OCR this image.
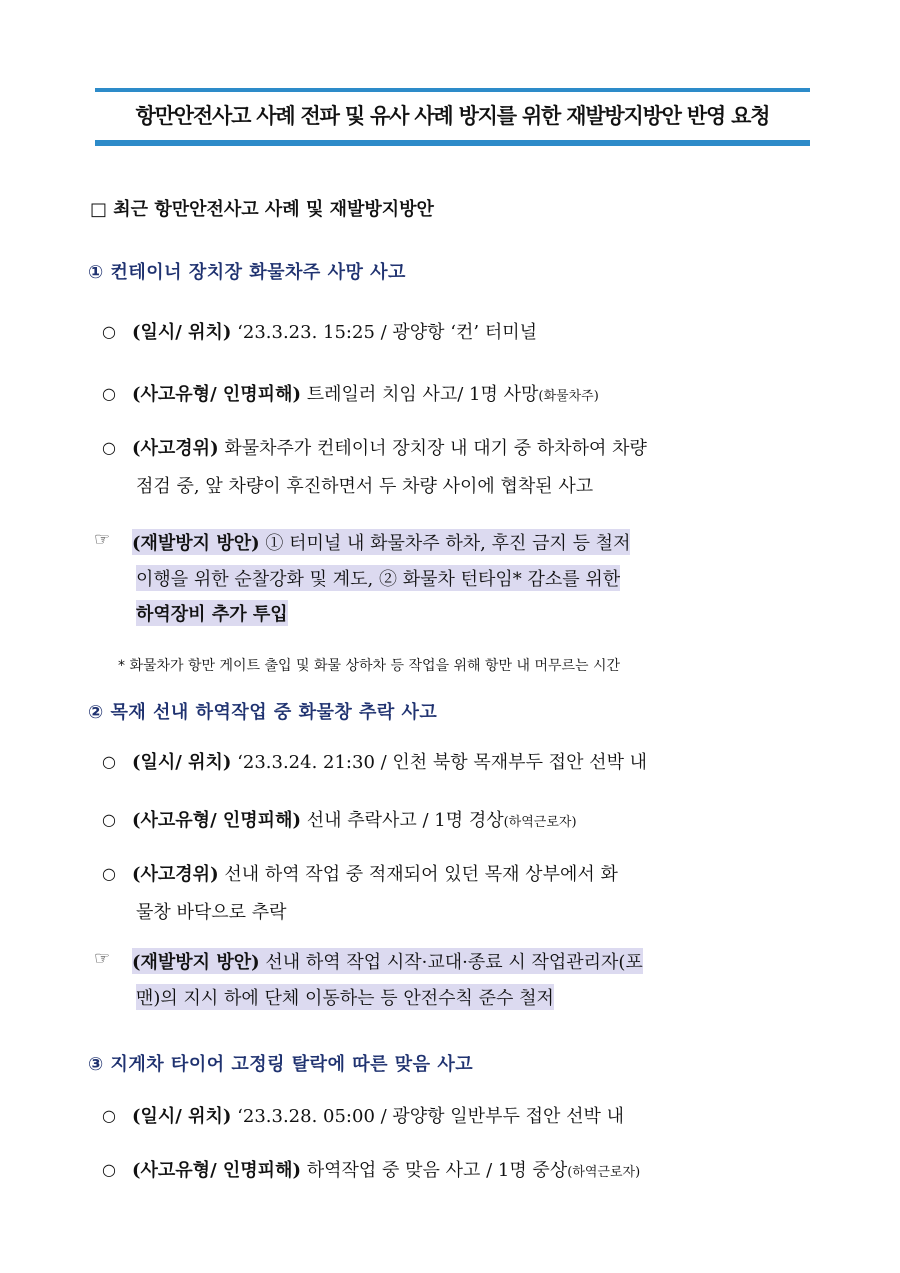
항만안전사고 사례 전파 및 유사 사례 방지를 위한 재발방지방안 반영 요청
□ 최근 항만안전사고 사례 및 재발방지방안
① 컨테이너 장치장 화물차주 사망 사고
○ (일시/ 위치) ‘23.3.23. 15:25 / 광양항 ‘컨’ 터미널
○ (사고유형/ 인명피해) 트레일러 치임 사고/ 1명 사망(화물차주)
○ (사고경위) 화물차주가 컨테이너 장치장 내 대기 중 하차하여 차량
점검 중, 앞 차량이 후진하면서 두 차량 사이에 협착된 사고
☞ (재발방지 방안) ① 터미널 내 화물차주 하차, 후진 금지 등 철저
이행을 위한 순찰강화 및 계도, ② 화물차 턴타임* 감소를 위한
하역장비 추가 투입
* 화물차가 항만 게이트 출입 및 화물 상하차 등 작업을 위해 항만 내 머무르는 시간
② 목재 선내 하역작업 중 화물창 추락 사고
○ (일시/ 위치) ‘23.3.24. 21:30 / 인천 북항 목재부두 접안 선박 내
○ (사고유형/ 인명피해) 선내 추락사고 / 1명 경상(하역근로자)
○ (사고경위) 선내 하역 작업 중 적재되어 있던 목재 상부에서 화
물창 바닥으로 추락
☞ (재발방지 방안) 선내 하역 작업 시작·교대·종료 시 작업관리자(포
맨)의 지시 하에 단체 이동하는 등 안전수칙 준수 철저
③ 지게차 타이어 고정링 탈락에 따른 맞음 사고
○ (일시/ 위치) ‘23.3.28. 05:00 / 광양항 일반부두 접안 선박 내
○ (사고유형/ 인명피해) 하역작업 중 맞음 사고 / 1명 중상(하역근로자)
